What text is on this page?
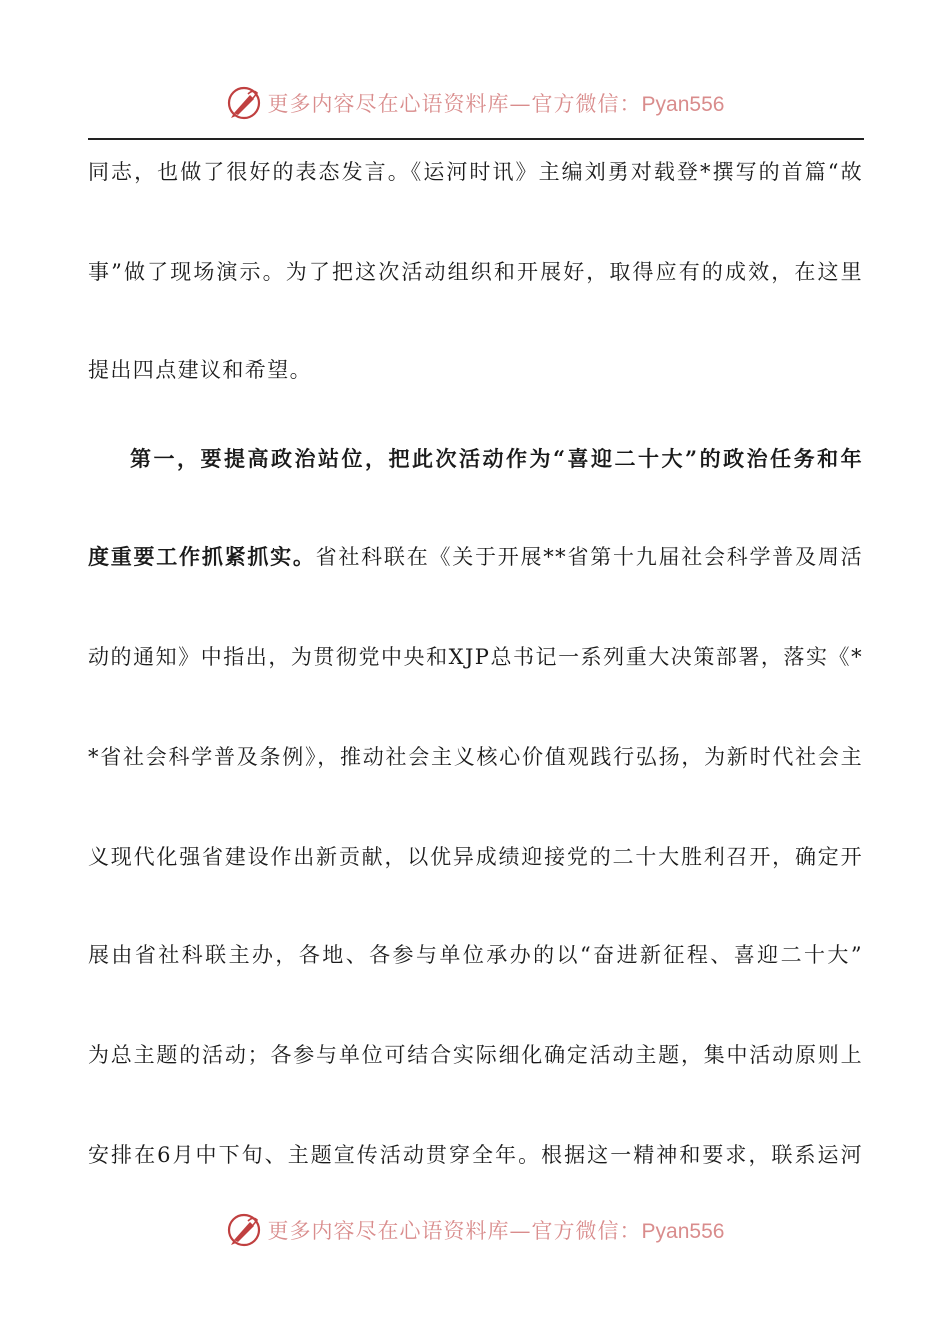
更多内容尽在心语资料库—官方微信：Pyan556
同志，也做了很好的表态发言。《运河时讯》主编刘勇对载登*撰写的首篇“故
事”做了现场演示。为了把这次活动组织和开展好，取得应有的成效，在这里
提出四点建议和希望。
第一，要提高政治站位，把此次活动作为“喜迎二十大”的政治任务和年
度重要工作抓紧抓实。省社科联在《关于开展**省第十九届社会科学普及周活
动的通知》中指出，为贯彻党中央和XJP总书记一系列重大决策部署，落实《*
*省社会科学普及条例》，推动社会主义核心价值观践行弘扬，为新时代社会主
义现代化强省建设作出新贡献，以优异成绩迎接党的二十大胜利召开，确定开
展由省社科联主办，各地、各参与单位承办的以“奋进新征程、喜迎二十大”
为总主题的活动；各参与单位可结合实际细化确定活动主题，集中活动原则上
安排在6月中下旬、主题宣传活动贯穿全年。根据这一精神和要求，联系运河
更多内容尽在心语资料库—官方微信：Pyan556
